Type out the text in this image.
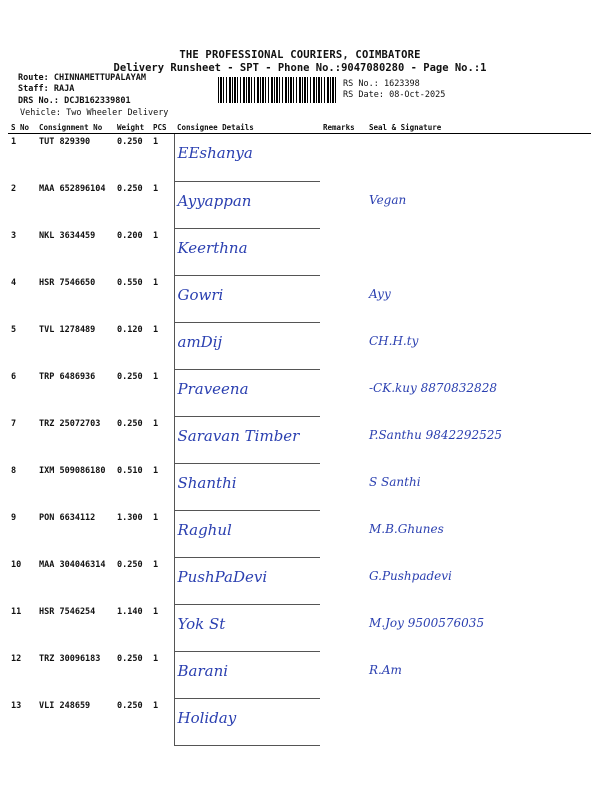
THE PROFESSIONAL COURIERS, COIMBATORE
Delivery Runsheet - SPT - Phone No.:9047080280 - Page No.:1
Route: CHINNAMETTUPALAYAM
Staff: RAJA
DRS No.: DCJB162339801
Vehicle: Two Wheeler Delivery
RS No.: 1623398
RS Date: 08-Oct-2025
S No	Consignment No	Weight	PCS	Consignee Details	Remarks	Seal & Signature
1	TUT 829390	0.250	1	EEshanya		
2	MAA 652896104	0.250	1	Ayyappan		Vegan
3	NKL 3634459	0.200	1	Keerthna		
4	HSR 7546650	0.550	1	Gowri		Ayy
5	TVL 1278489	0.120	1	amDij		CH.H.ty
6	TRP 6486936	0.250	1	Praveena		-CK.kuy 8870832828
7	TRZ 25072703	0.250	1	Saravan Timber		P.Santhu 9842292525
8	IXM 509086180	0.510	1	Shanthi		S Santhi
9	PON 6634112	1.300	1	Raghul		M.B.Ghunes
10	MAA 304046314	0.250	1	PushPaDevi		G.Pushpadevi
11	HSR 7546254	1.140	1	Yok St		M.Joy 9500576035
12	TRZ 30096183	0.250	1	Barani		R.Am
13	VLI 248659	0.250	1	Holiday		
